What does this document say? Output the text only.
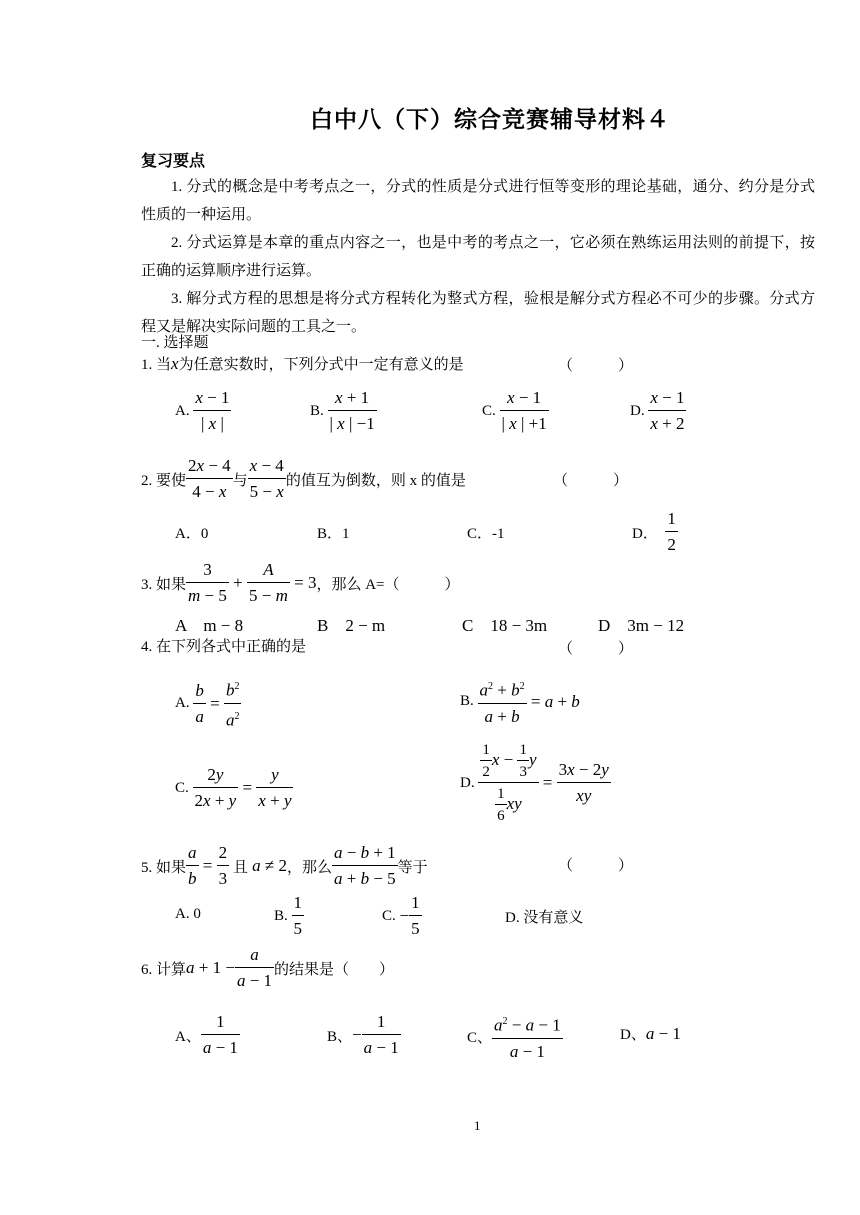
白中八（下）综合竞赛辅导材料４
复习要点
1. 分式的概念是中考考点之一，分式的性质是分式进行恒等变形的理论基础，通分、约分是分式性质的一种运用。
2. 分式运算是本章的重点内容之一，也是中考的考点之一，它必须在熟练运用法则的前提下，按正确的运算顺序进行运算。
3. 解分式方程的思想是将分式方程转化为整式方程，验根是解分式方程必不可少的步骤。分式方程又是解决实际问题的工具之一。
一. 选择题
1. 当x为任意实数时，下列分式中一定有意义的是	（　　　）
A. $\frac{x - 1}{| x |}$	B. $\frac{x + 1}{| x | -1}$	C. $\frac{x - 1}{| x | +1}$	D. $\frac{x - 1}{x + 2}$
2. 要使 $\frac{2x - 4}{4 - x}$ 与 $\frac{x - 4}{5 - x}$ 的值互为倒数，则 x 的值是	（　　　）
A．0	B．1	C．-1	D．
$\frac{1}{2}$
3. 如果 $\frac{3}{m - 5} + \frac{A}{5 - m} = 3$ ，那么 A=（　　　）
A　m − 8	B　2 − m	C　18 − 3m	D　3m − 12
4. 在下列各式中正确的是	（　　　）
A. $\frac{b}{a} = \frac{b^2}{a^2}$	B. $\frac{a^2 + b^2}{a + b} = a + b$
C. $\frac{2y}{2x + y} = \frac{y}{x + y}$	D. $\frac{\frac{1}{2} x - \frac{1}{3} y}{\frac{1}{6} xy} = \frac{3x - 2y}{xy}$
5. 如果 $\frac{a}{b} = \frac{2}{3}$
且 a ≠ 2 ，那么 $\frac{a - b + 1}{a + b - 5}$ 等于	（　　　）
A. 0	B.
$\frac{1}{5}$	C.
− $\frac{1}{5}$	D. 没有意义
6. 计算 $a + 1 - \frac{a}{a - 1}$ 的结果是（　　）
A、 $\frac{1}{a - 1}$	B、 − $\frac{1}{a - 1}$	C、 $\frac{a^2 - a - 1}{a - 1}$	D、 a − 1
1
